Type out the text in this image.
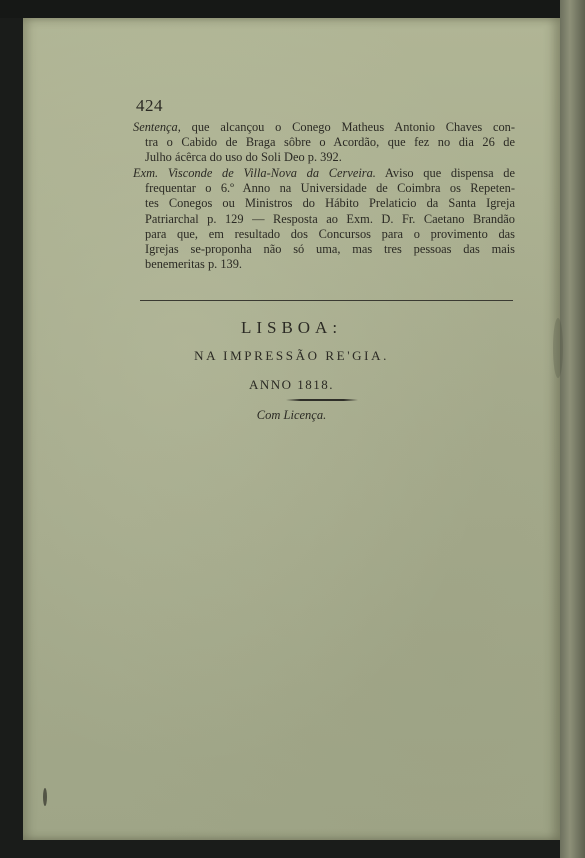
424
Sentença, que alcançou o Conego Matheus Antonio Chaves con-
tra o Cabido de Braga sôbre o Acordão, que fez no dia 26 de
Julho ácêrca do uso do Soli Deo p. 392.
Exm. Visconde de Villa-Nova da Cerveira. Aviso que dispensa de
frequentar o 6.º Anno na Universidade de Coimbra os Repeten-
tes Conegos ou Ministros do Hábito Prelaticio da Santa Igreja
Patriarchal p. 129 — Resposta ao Exm. D. Fr. Caetano Brandão
para que, em resultado dos Concursos para o provimento das
Igrejas se-proponha não só uma, mas tres pessoas das mais
benemeritas p. 139.
LISBOA:
NA IMPRESSÃO RE'GIA.
ANNO 1818.
Com Licença.
